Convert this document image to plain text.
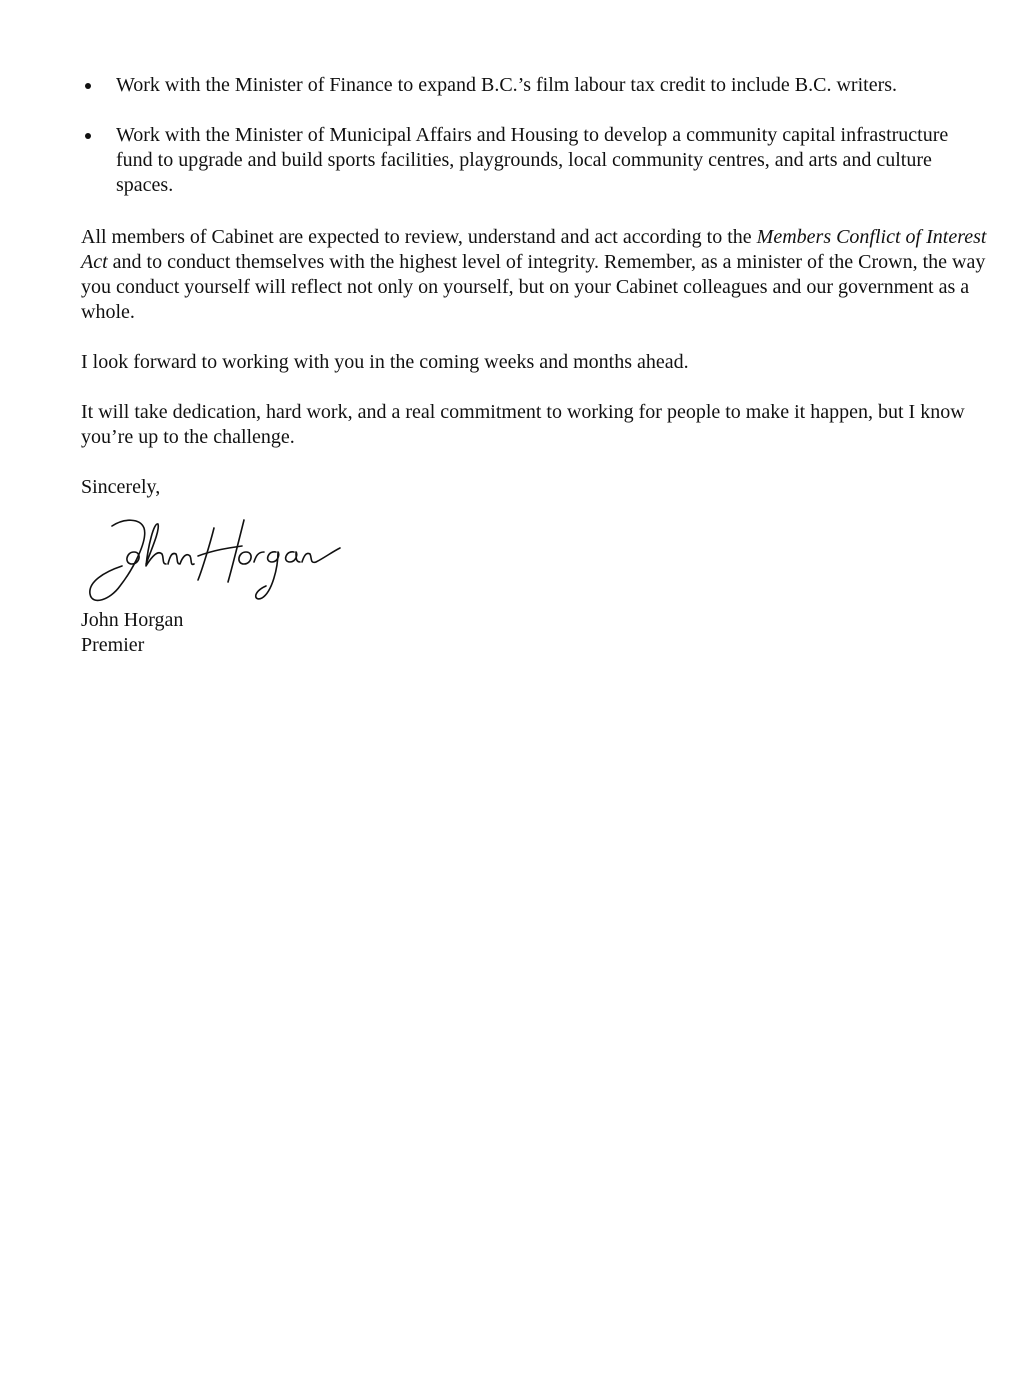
Work with the Minister of Finance to expand B.C.’s film labour tax credit to include B.C. writers.
Work with the Minister of Municipal Affairs and Housing to develop a community capital infrastructure fund to upgrade and build sports facilities, playgrounds, local community centres, and arts and culture spaces.

All members of Cabinet are expected to review, understand and act according to the Members Conflict of Interest Act and to conduct themselves with the highest level of integrity. Remember, as a minister of the Crown, the way you conduct yourself will reflect not only on yourself, but on your Cabinet colleagues and our government as a whole.

I look forward to working with you in the coming weeks and months ahead.

It will take dedication, hard work, and a real commitment to working for people to make it happen, but I know you’re up to the challenge.

Sincerely,

John Horgan

Premier
